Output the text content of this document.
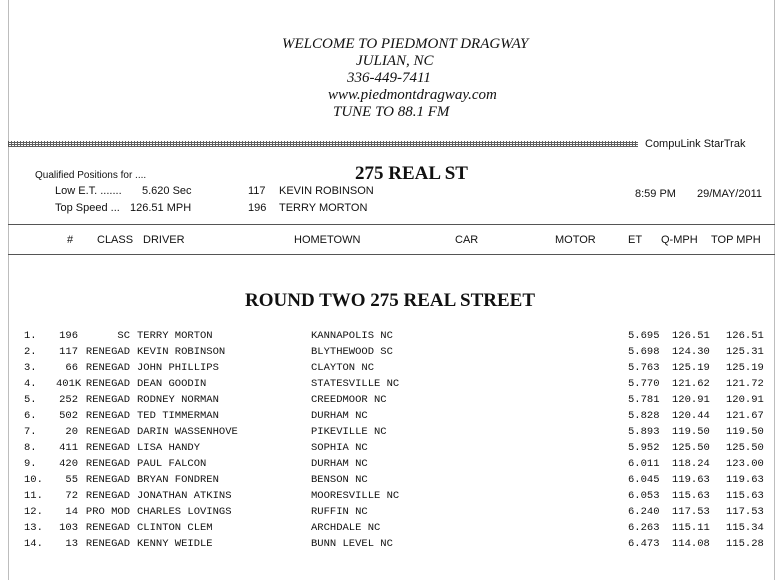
WELCOME TO PIEDMONT DRAGWAY
JULIAN, NC
336-449-7411
www.piedmontdragway.com
TUNE TO 88.1 FM
CompuLink StarTrak
Qualified Positions for ....
Low E.T. ....... 5.620 Sec	117 KEVIN ROBINSON
Top Speed ... 126.51 MPH	196 TERRY MORTON
275 REAL ST
8:59 PM 29/MAY/2011
# CLASS DRIVER	HOMETOWN	CAR	MOTOR	ET Q-MPH TOP MPH
ROUND TWO 275 REAL STREET
1. 196	SC TERRY MORTON	KANNAPOLIS NC	5.695 126.51 126.51
2. 117 RENEGAD KEVIN ROBINSON	BLYTHEWOOD SC	5.698 124.30 125.31
3.	66 RENEGAD JOHN PHILLIPS	CLAYTON NC	5.763 125.19 125.19
4. 401K RENEGAD DEAN GOODIN	STATESVILLE NC	5.770 121.62 121.72
5. 252 RENEGAD RODNEY NORMAN	CREEDMOOR NC	5.781 120.91 120.91
6. 502 RENEGAD TED TIMMERMAN	DURHAM NC	5.828 120.44 121.67
7.	20 RENEGAD DARIN WASSENHOVE	PIKEVILLE NC	5.893 119.50 119.50
8. 411 RENEGAD LISA HANDY	SOPHIA NC	5.952 125.50 125.50
9. 420 RENEGAD PAUL FALCON	DURHAM NC	6.011 118.24 123.00
10.	55 RENEGAD BRYAN FONDREN	BENSON NC	6.045 119.63 119.63
11.	72 RENEGAD JONATHAN ATKINS	MOORESVILLE NC	6.053 115.63 115.63
12.	14 PRO MOD CHARLES LOVINGS	RUFFIN NC	6.240 117.53 117.53
13. 103 RENEGAD CLINTON CLEM	ARCHDALE NC	6.263 115.11 115.34
14.	13 RENEGAD KENNY WEIDLE	BUNN LEVEL NC	6.473 114.08 115.28
